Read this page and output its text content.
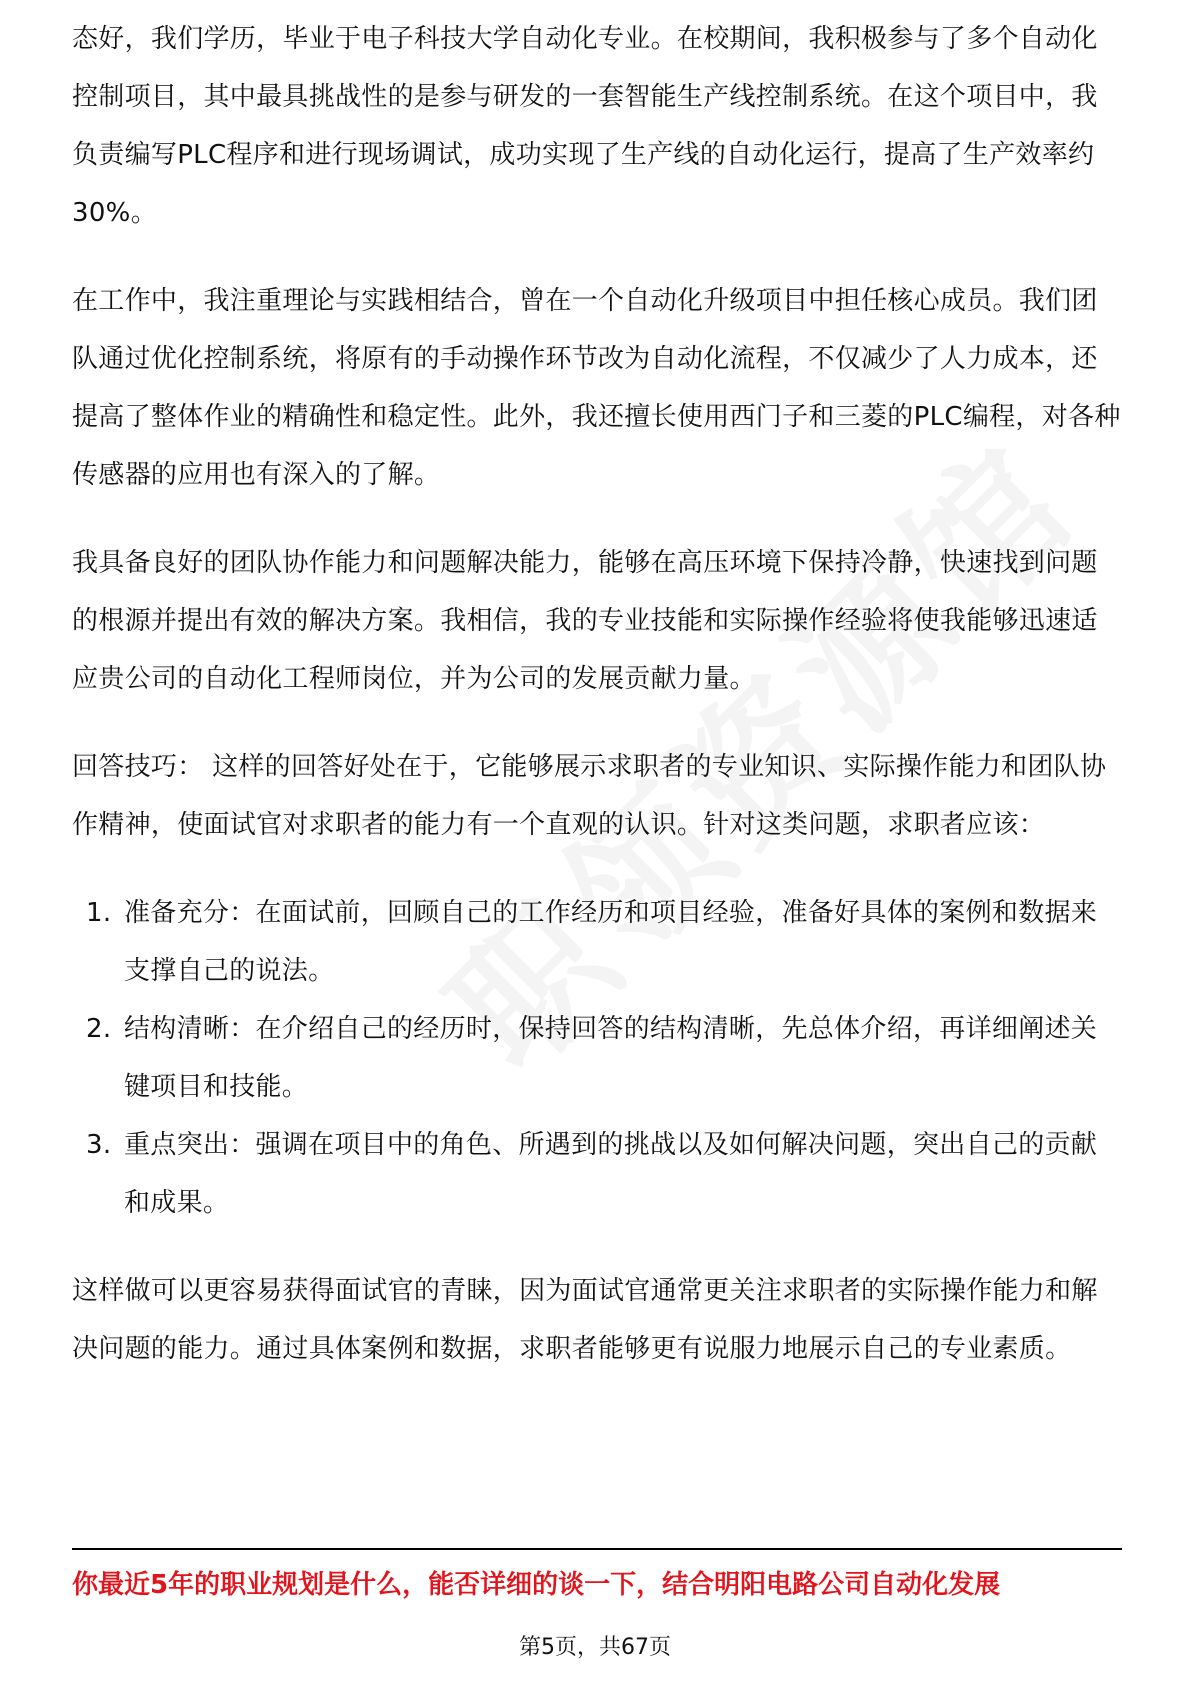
态好，我们学历，毕业于电子科技大学自动化专业。在校期间，我积极参与了多个自动化控制项目，其中最具挑战性的是参与研发的一套智能生产线控制系统。在这个项目中，我负责编写PLC程序和进行现场调试，成功实现了生产线的自动化运行，提高了生产效率约30%。

在工作中，我注重理论与实践相结合，曾在一个自动化升级项目中担任核心成员。我们团队通过优化控制系统，将原有的手动操作环节改为自动化流程，不仅减少了人力成本，还提高了整体作业的精确性和稳定性。此外，我还擅长使用西门子和三菱的PLC编程，对各种传感器的应用也有深入的了解。

我具备良好的团队协作能力和问题解决能力，能够在高压环境下保持冷静，快速找到问题的根源并提出有效的解决方案。我相信，我的专业技能和实际操作经验将使我能够迅速适应贵公司的自动化工程师岗位，并为公司的发展贡献力量。

回答技巧： 这样的回答好处在于，它能够展示求职者的专业知识、实际操作能力和团队协作精神，使面试官对求职者的能力有一个直观的认识。针对这类问题，求职者应该：

1. 准备充分：在面试前，回顾自己的工作经历和项目经验，准备好具体的案例和数据来支撑自己的说法。
2. 结构清晰：在介绍自己的经历时，保持回答的结构清晰，先总体介绍，再详细阐述关键项目和技能。
3. 重点突出：强调在项目中的角色、所遇到的挑战以及如何解决问题，突出自己的贡献和成果。

这样做可以更容易获得面试官的青睐，因为面试官通常更关注求职者的实际操作能力和解决问题的能力。通过具体案例和数据，求职者能够更有说服力地展示自己的专业素质。

你最近5年的职业规划是什么，能否详细的谈一下，结合明阳电路公司自动化发展
第5页，共67页
